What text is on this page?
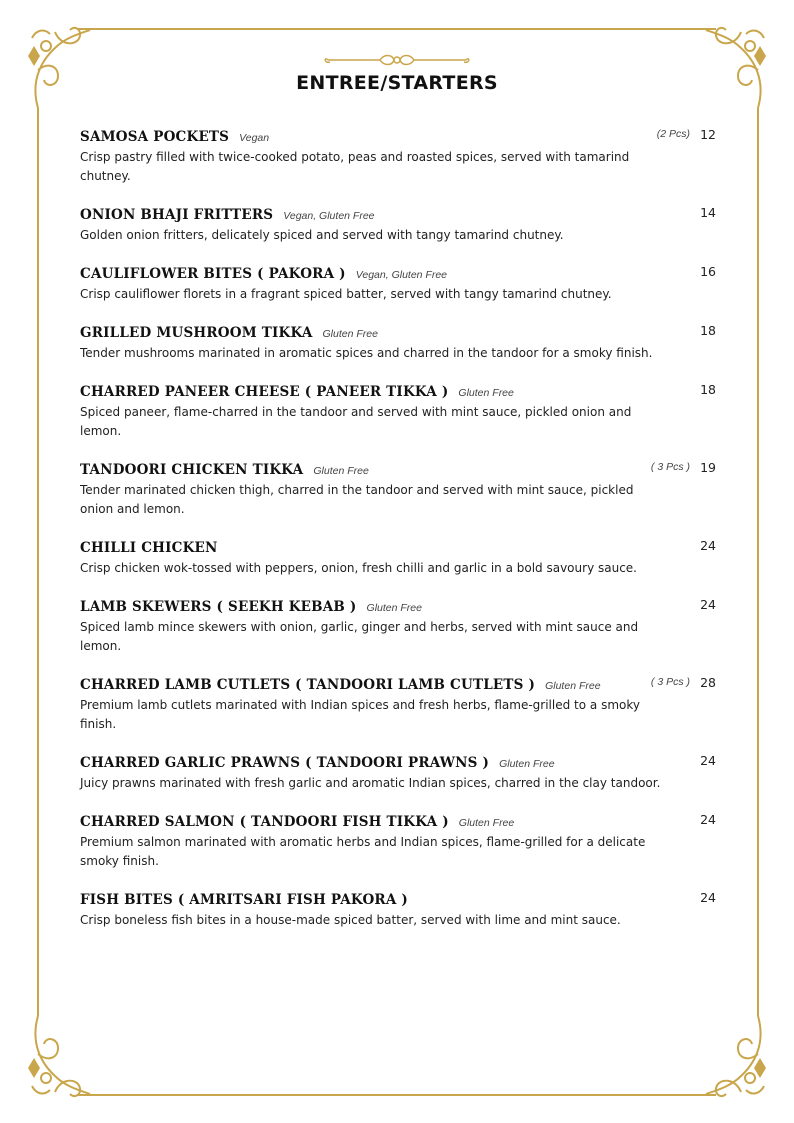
ENTREE/STARTERS
SAMOSA POCKETS Vegan	(2 Pcs) 12
Crisp pastry filled with twice-cooked potato, peas and roasted spices, served with tamarind chutney.
ONION BHAJI FRITTERS Vegan, Gluten Free	14
Golden onion fritters, delicately spiced and served with tangy tamarind chutney.
CAULIFLOWER BITES ( PAKORA ) Vegan, Gluten Free	16
Crisp cauliflower florets in a fragrant spiced batter, served with tangy tamarind chutney.
GRILLED MUSHROOM TIKKA Gluten Free	18
Tender mushrooms marinated in aromatic spices and charred in the tandoor for a smoky finish.
CHARRED PANEER CHEESE ( PANEER TIKKA ) Gluten Free	18
Spiced paneer, flame-charred in the tandoor and served with mint sauce, pickled onion and lemon.
TANDOORI CHICKEN TIKKA Gluten Free	( 3 Pcs ) 19
Tender marinated chicken thigh, charred in the tandoor and served with mint sauce, pickled onion and lemon.
CHILLI CHICKEN	24
Crisp chicken wok-tossed with peppers, onion, fresh chilli and garlic in a bold savoury sauce.
LAMB SKEWERS ( SEEKH KEBAB ) Gluten Free	24
Spiced lamb mince skewers with onion, garlic, ginger and herbs, served with mint sauce and lemon.
CHARRED LAMB CUTLETS ( TANDOORI LAMB CUTLETS ) Gluten Free	( 3 Pcs ) 28
Premium lamb cutlets marinated with Indian spices and fresh herbs, flame-grilled to a smoky finish.
CHARRED GARLIC PRAWNS ( TANDOORI PRAWNS ) Gluten Free	24
Juicy prawns marinated with fresh garlic and aromatic Indian spices, charred in the clay tandoor.
CHARRED SALMON ( TANDOORI FISH TIKKA ) Gluten Free	24
Premium salmon marinated with aromatic herbs and Indian spices, flame-grilled for a delicate smoky finish.
FISH BITES ( AMRITSARI FISH PAKORA )	24
Crisp boneless fish bites in a house-made spiced batter, served with lime and mint sauce.
